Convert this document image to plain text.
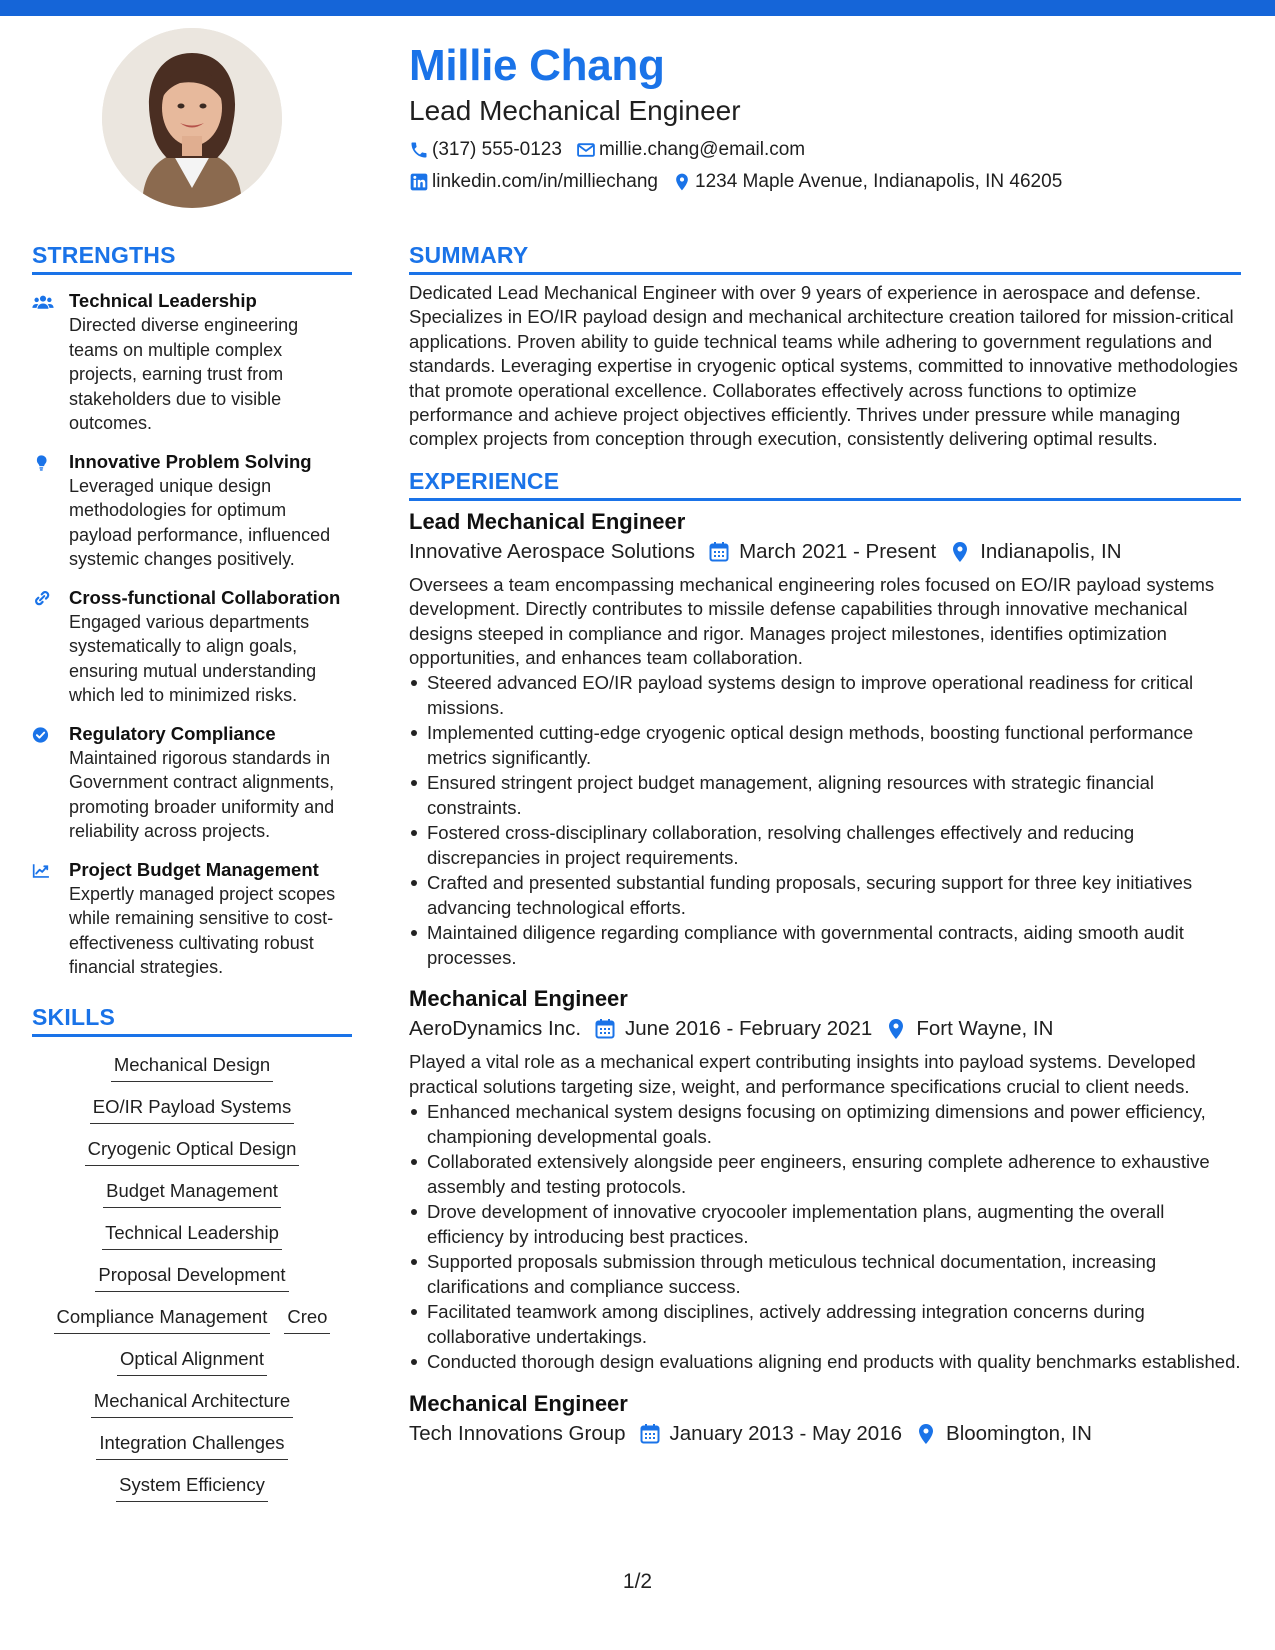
Millie Chang
Lead Mechanical Engineer
(317) 555-0123 millie.chang@email.com
linkedin.com/in/milliechang 1234 Maple Avenue, Indianapolis, IN 46205
STRENGTHS
Technical Leadership
Directed diverse engineering teams on multiple complex projects, earning trust from stakeholders due to visible outcomes.
Innovative Problem Solving
Leveraged unique design methodologies for optimum payload performance, influenced systemic changes positively.
Cross-functional Collaboration
Engaged various departments systematically to align goals, ensuring mutual understanding which led to minimized risks.
Regulatory Compliance
Maintained rigorous standards in Government contract alignments, promoting broader uniformity and reliability across projects.
Project Budget Management
Expertly managed project scopes while remaining sensitive to cost-effectiveness cultivating robust financial strategies.
SKILLS
Mechanical Design
EO/IR Payload Systems
Cryogenic Optical Design
Budget Management
Technical Leadership
Proposal Development
Compliance Management Creo
Optical Alignment
Mechanical Architecture
Integration Challenges
System Efficiency
SUMMARY
Dedicated Lead Mechanical Engineer with over 9 years of experience in aerospace and defense. Specializes in EO/IR payload design and mechanical architecture creation tailored for mission-critical applications. Proven ability to guide technical teams while adhering to government regulations and standards. Leveraging expertise in cryogenic optical systems, committed to innovative methodologies that promote operational excellence. Collaborates effectively across functions to optimize performance and achieve project objectives efficiently. Thrives under pressure while managing complex projects from conception through execution, consistently delivering optimal results.
EXPERIENCE
Lead Mechanical Engineer
Innovative Aerospace Solutions March 2021 - Present Indianapolis, IN
Oversees a team encompassing mechanical engineering roles focused on EO/IR payload systems development. Directly contributes to missile defense capabilities through innovative mechanical designs steeped in compliance and rigor. Manages project milestones, identifies optimization opportunities, and enhances team collaboration.
Steered advanced EO/IR payload systems design to improve operational readiness for critical missions.
Implemented cutting-edge cryogenic optical design methods, boosting functional performance metrics significantly.
Ensured stringent project budget management, aligning resources with strategic financial constraints.
Fostered cross-disciplinary collaboration, resolving challenges effectively and reducing discrepancies in project requirements.
Crafted and presented substantial funding proposals, securing support for three key initiatives advancing technological efforts.
Maintained diligence regarding compliance with governmental contracts, aiding smooth audit processes.
Mechanical Engineer
AeroDynamics Inc. June 2016 - February 2021 Fort Wayne, IN
Played a vital role as a mechanical expert contributing insights into payload systems. Developed practical solutions targeting size, weight, and performance specifications crucial to client needs.
Enhanced mechanical system designs focusing on optimizing dimensions and power efficiency, championing developmental goals.
Collaborated extensively alongside peer engineers, ensuring complete adherence to exhaustive assembly and testing protocols.
Drove development of innovative cryocooler implementation plans, augmenting the overall efficiency by introducing best practices.
Supported proposals submission through meticulous technical documentation, increasing clarifications and compliance success.
Facilitated teamwork among disciplines, actively addressing integration concerns during collaborative undertakings.
Conducted thorough design evaluations aligning end products with quality benchmarks established.
Mechanical Engineer
Tech Innovations Group January 2013 - May 2016 Bloomington, IN
1/2
